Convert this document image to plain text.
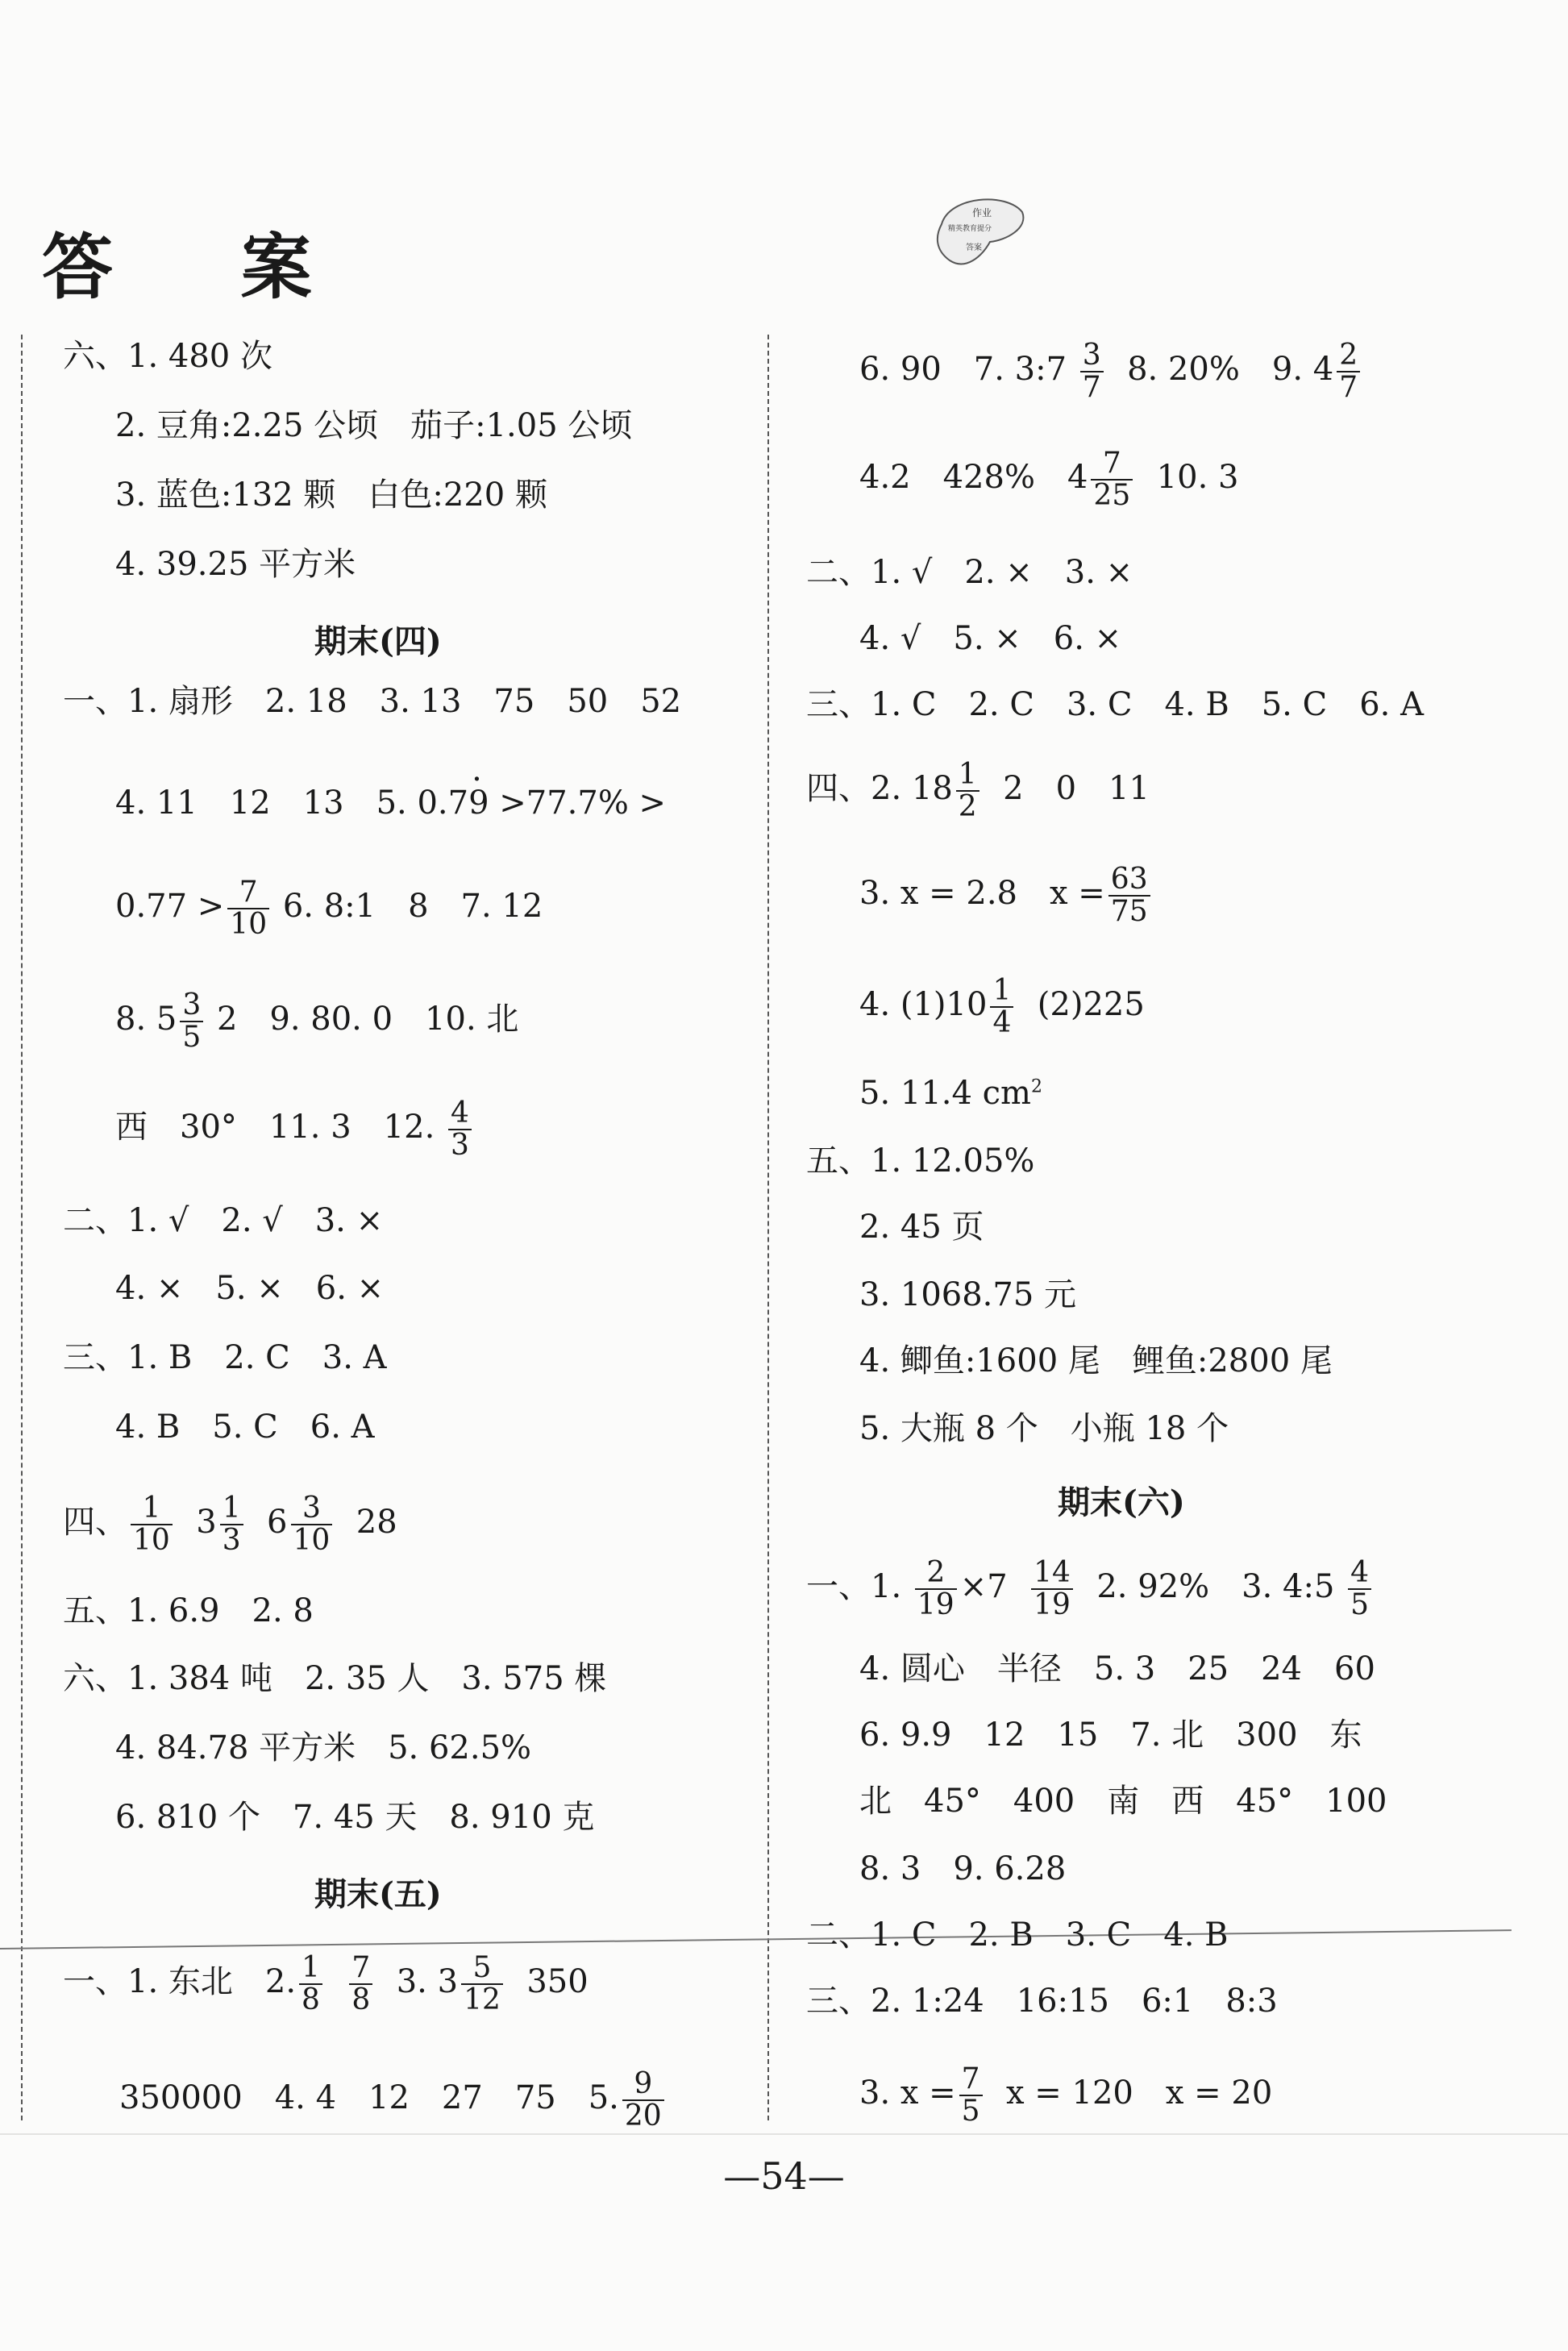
答 案
作业
精英教育提分
答案
六、1. 480 次
2. 豆角:2.25 公顷　茄子:1.05 公顷
3. 蓝色:132 颗　白色:220 颗
4. 39.25 平方米
期末(四)
一、1. 扇形　2. 18　3. 13　75　50　52
4. 11　12　13　5. 0.79 · >77.7% >
$0.77 > \frac{7}{10} 6$. 8:1　8　7. 12
8. $5 \frac{3}{5} 2$　9. 80. 0　10. 北
西　30°　11. 3　12. $\frac{4}{3}$
二、1. √　2. √　3. ×
4. ×　5. ×　6. ×
三、1. B　2. C　3. A
4. B　5. C　6. A
四、 $\frac{1}{10} 3 \frac{1}{3} 6 \frac{3}{10} 28$
五、1. 6.9　2. 8
六、1. 384 吨　2. 35 人　3. 575 棵
4. 84.78 平方米　5. 62.5%
6. 810 个　7. 45 天　8. 910 克
期末(五)
一、1. 东北　2. $\frac{1}{8}$
$\frac{7}{8} 3$. $3 \frac{5}{12} 350$
350000　4. 4　12　27　75　5. $\frac{9}{20}$
6. 90　7. 3:7 $\frac{3}{7} 8$. 20%　9. $4 \frac{2}{7}$
4.2　428%　$4 \frac{7}{25} 10$. 3
二、1. √　2. ×　3. ×
4. √　5. ×　6. ×
三、1. C　2. C　3. C　4. B　5. C　6. A
四、2. $18 \frac{1}{2} 2$　0　11
3. x = 2.8　$x = \frac{63}{75}$
4. $(1)10 \frac{1}{4} (2)225$
5. 11.4 $cm^2$
五、1. 12.05%
2. 45 页
3. 1068.75 元
4. 鲫鱼:1600 尾　鲤鱼:2800 尾
5. 大瓶 8 个　小瓶 18 个
期末(六)
一、1. $\frac{2}{19} \times 7 \frac{14}{19} 2$. 92%　3. 4:5 $\frac{4}{5}$
4. 圆心　半径　5. 3　25　24　60
6. 9.9　12　15　7. 北　300　东
北　45°　400　南　西　45°　100
8. 3　9. 6.28
二、1. C　2. B　3. C　4. B
三、2. 1:24　16:15　6:1　8:3
3. $x = \frac{7}{5}$ x = 120　x = 20
—54—
